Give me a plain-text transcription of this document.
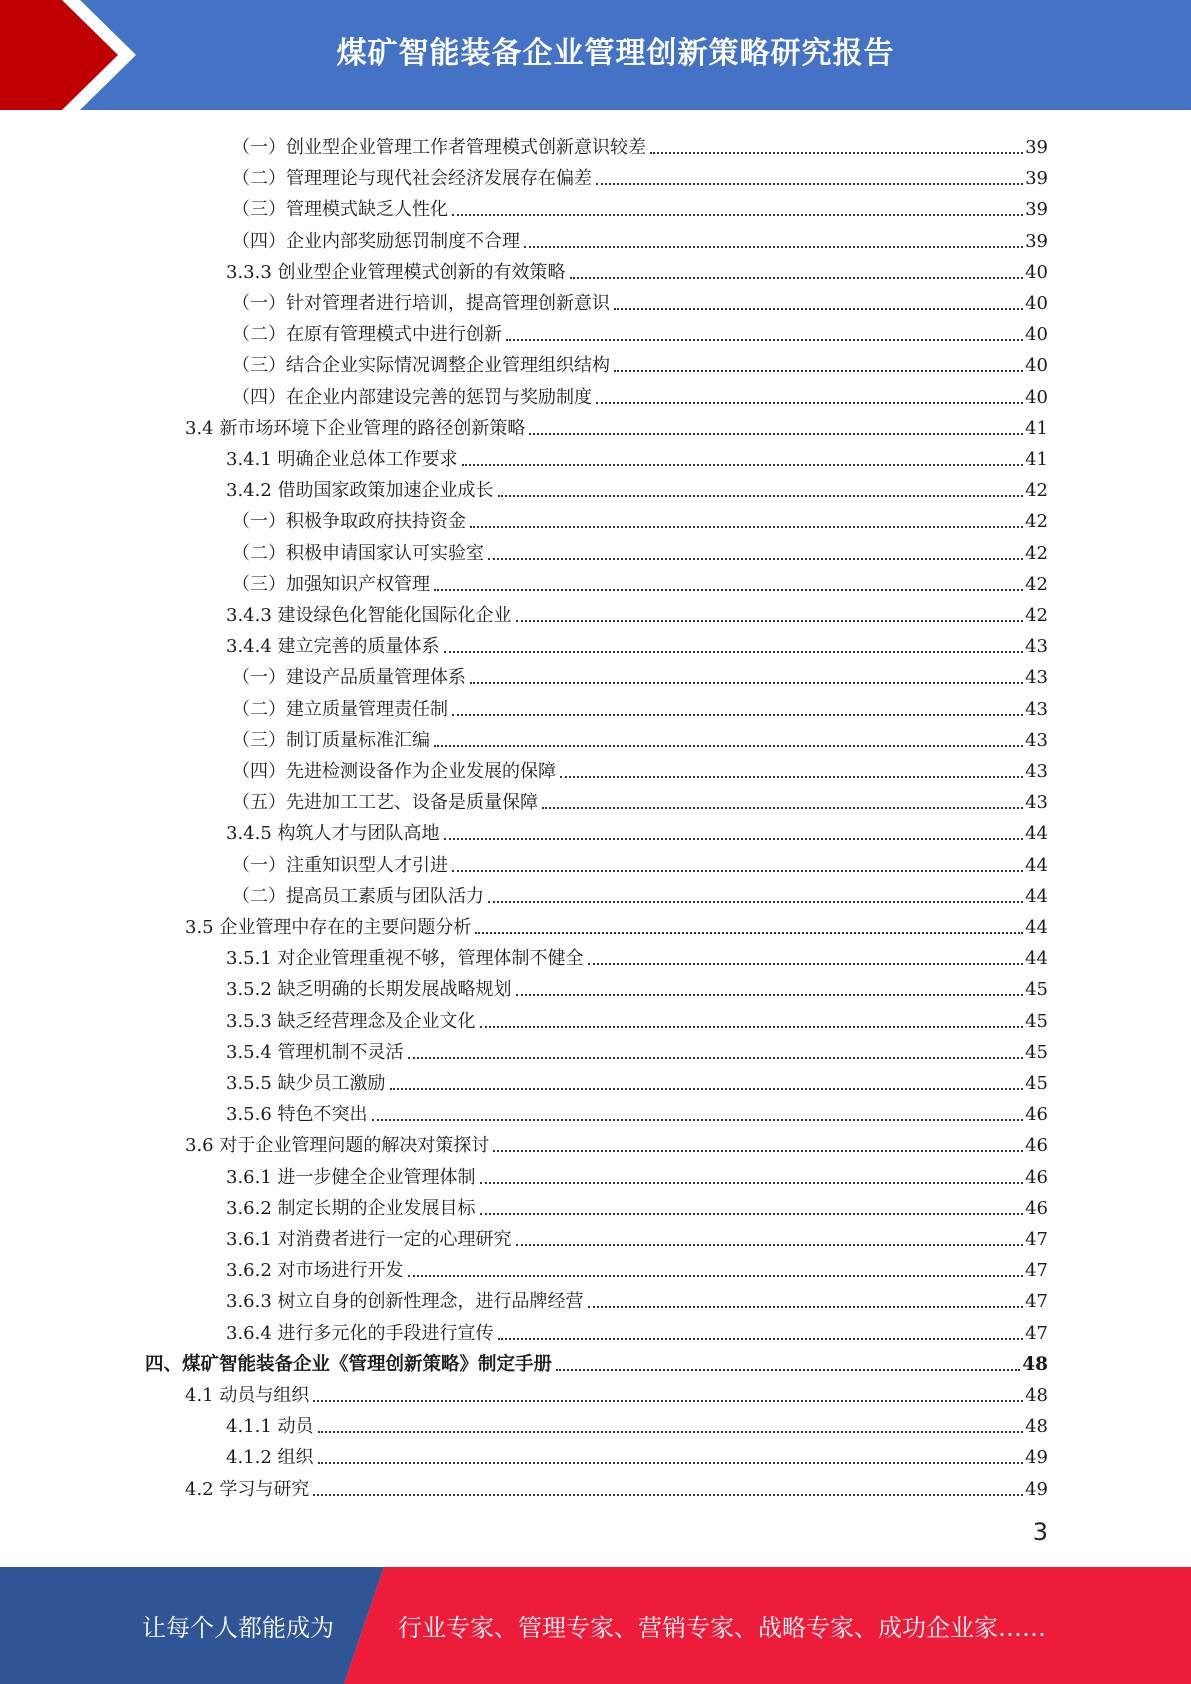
煤矿智能装备企业管理创新策略研究报告
（一）创业型企业管理工作者管理模式创新意识较差	39
（二）管理理论与现代社会经济发展存在偏差	39
（三）管理模式缺乏人性化	39
（四）企业内部奖励惩罚制度不合理	39
3.3.3 创业型企业管理模式创新的有效策略	40
（一）针对管理者进行培训，提高管理创新意识	40
（二）在原有管理模式中进行创新	40
（三）结合企业实际情况调整企业管理组织结构	40
（四）在企业内部建设完善的惩罚与奖励制度	40
3.4 新市场环境下企业管理的路径创新策略	41
3.4.1 明确企业总体工作要求	41
3.4.2 借助国家政策加速企业成长	42
（一）积极争取政府扶持资金	42
（二）积极申请国家认可实验室	42
（三）加强知识产权管理	42
3.4.3 建设绿色化智能化国际化企业	42
3.4.4 建立完善的质量体系	43
（一）建设产品质量管理体系	43
（二）建立质量管理责任制	43
（三）制订质量标准汇编	43
（四）先进检测设备作为企业发展的保障	43
（五）先进加工工艺、设备是质量保障	43
3.4.5 构筑人才与团队高地	44
（一）注重知识型人才引进	44
（二）提高员工素质与团队活力	44
3.5 企业管理中存在的主要问题分析	44
3.5.1 对企业管理重视不够，管理体制不健全	44
3.5.2 缺乏明确的长期发展战略规划	45
3.5.3 缺乏经营理念及企业文化	45
3.5.4 管理机制不灵活	45
3.5.5 缺少员工激励	45
3.5.6 特色不突出	46
3.6 对于企业管理问题的解决对策探讨	46
3.6.1 进一步健全企业管理体制	46
3.6.2 制定长期的企业发展目标	46
3.6.1 对消费者进行一定的心理研究	47
3.6.2 对市场进行开发	47
3.6.3 树立自身的创新性理念，进行品牌经营	47
3.6.4 进行多元化的手段进行宣传	47
四、煤矿智能装备企业《管理创新策略》制定手册	48
4.1 动员与组织	48
4.1.1 动员	48
4.1.2 组织	49
4.2 学习与研究	49
3
让每个人都能成为	行业专家、管理专家、营销专家、战略专家、成功企业家……
